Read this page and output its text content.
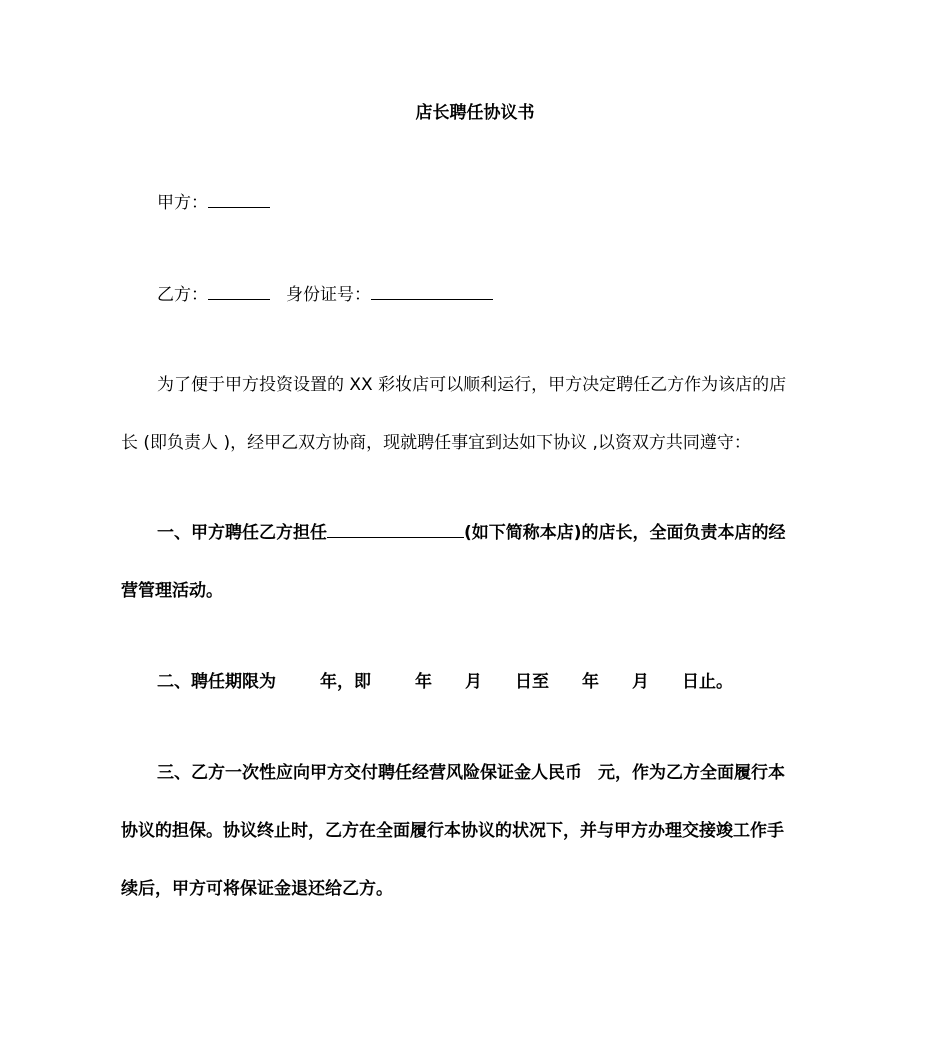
店长聘任协议书
甲方：
乙方：	身份证号：
为了便于甲方投资设置的 XX 彩妆店可以顺利运行，甲方决定聘任乙方作为该店的店
长 (即负责人 )，经甲乙双方协商，现就聘任事宜到达如下协议 ,以资双方共同遵守：
一、甲方聘任乙方担任	(如下简称本店)的店长，全面负责本店的经
营管理活动。
二、聘任期限为	年，即	年 月 日至 年 月 日止。
三、乙方一次性应向甲方交付聘任经营风险保证金人民币 元，作为乙方全面履行本
协议的担保。协议终止时，乙方在全面履行本协议的状况下，并与甲方办理交接竣工作手
续后，甲方可将保证金退还给乙方。
